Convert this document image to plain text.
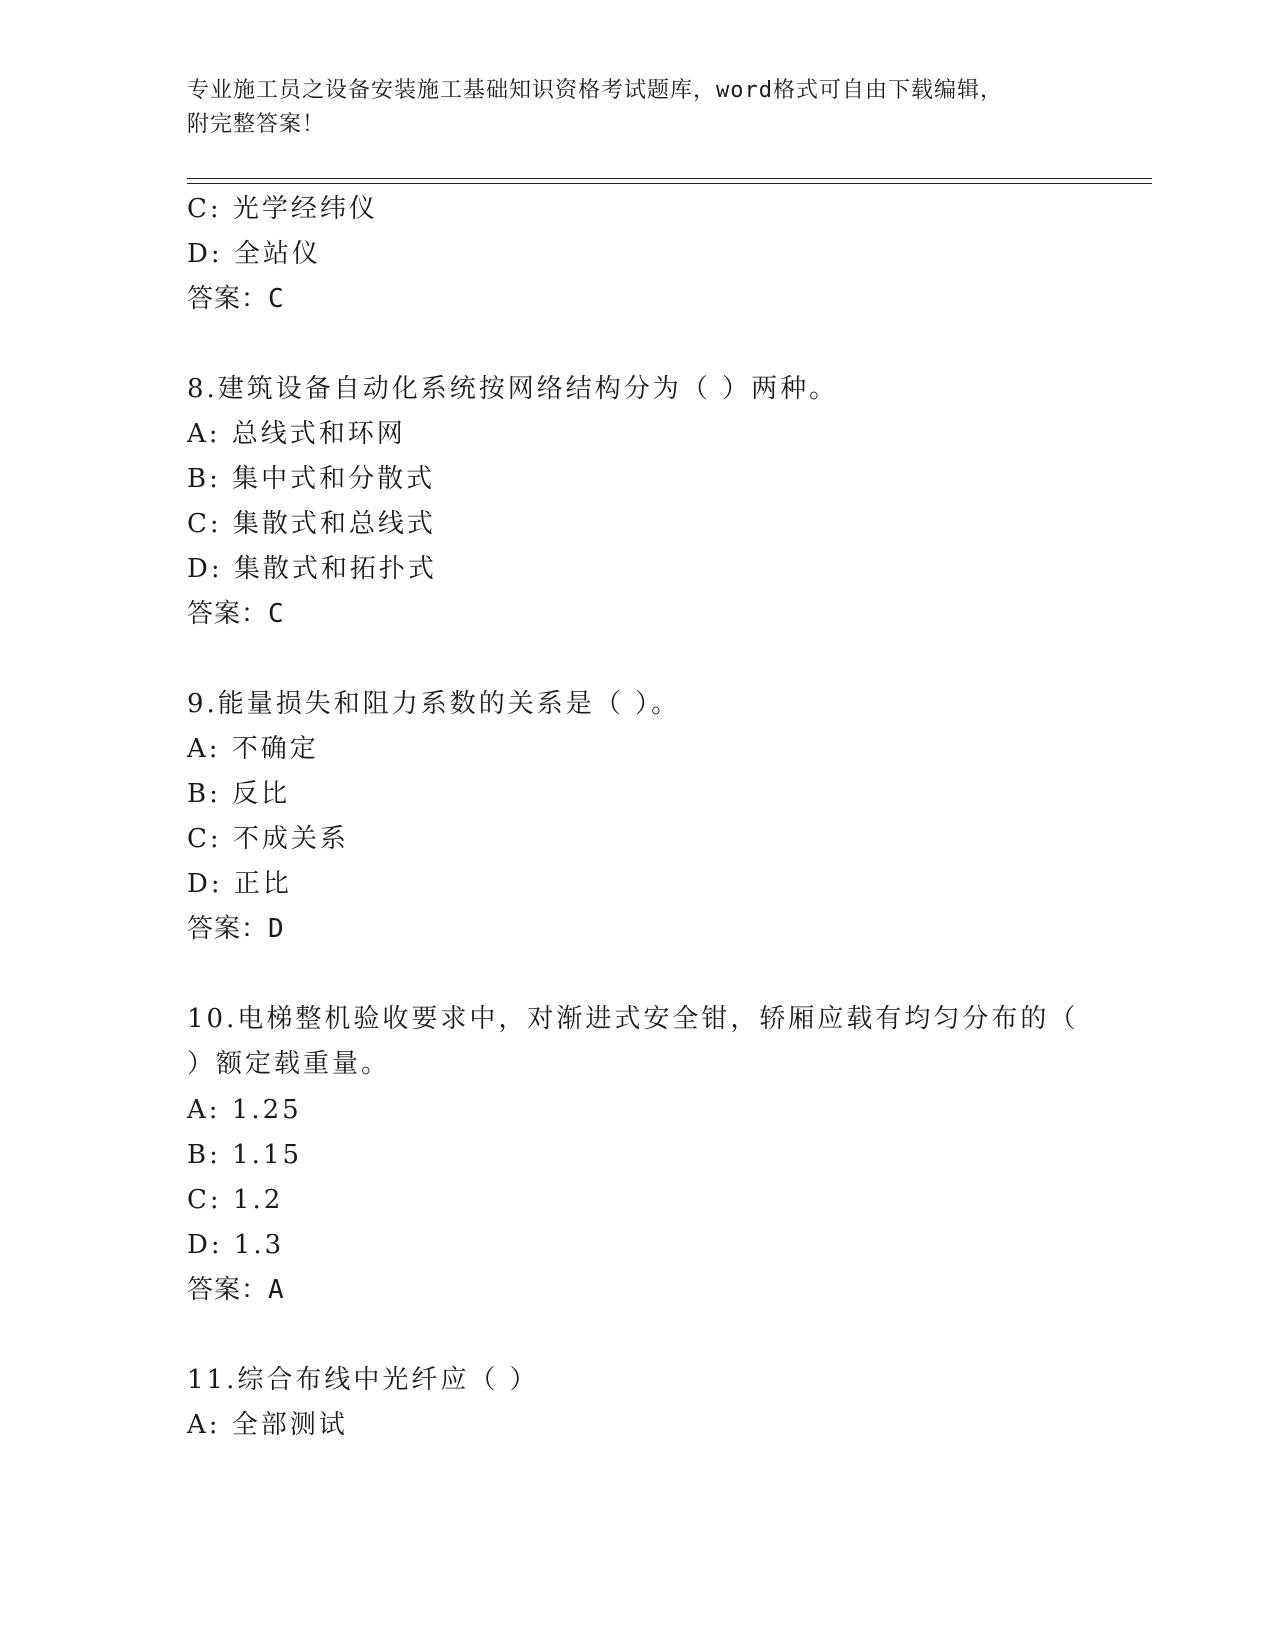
专业施工员之设备安装施工基础知识资格考试题库，word格式可自由下载编辑，
附完整答案！
C: 光学经纬仪
D: 全站仪
答案：C
8.建筑设备自动化系统按网络结构分为（ ）两种。
A: 总线式和环网
B: 集中式和分散式
C: 集散式和总线式
D: 集散式和拓扑式
答案：C
9.能量损失和阻力系数的关系是（ ）。
A: 不确定
B: 反比
C: 不成关系
D: 正比
答案：D
10.电梯整机验收要求中，对渐进式安全钳，轿厢应载有均匀分布的（
）额定载重量。
A: 1.25
B: 1.15
C: 1.2
D: 1.3
答案：A
11.综合布线中光纤应（ ）
A: 全部测试
